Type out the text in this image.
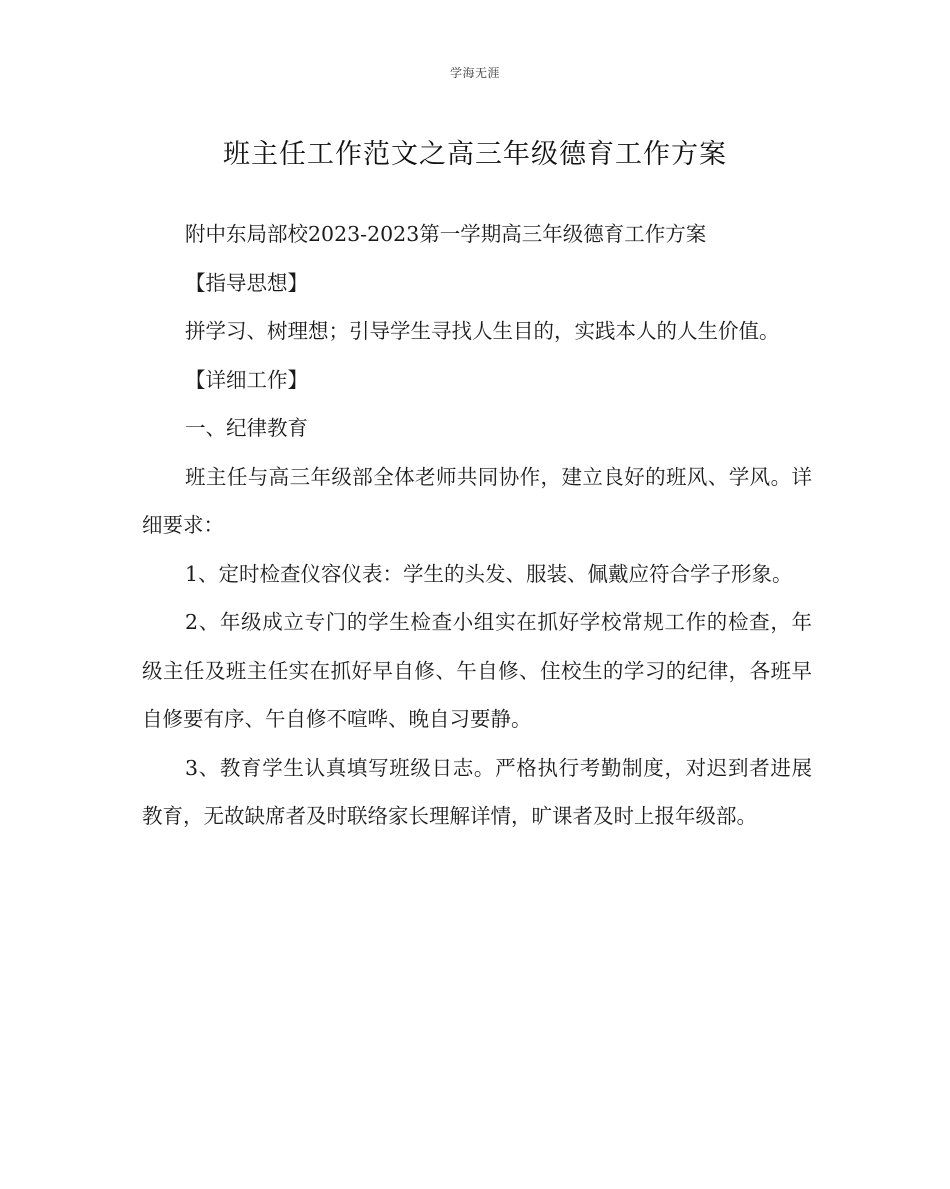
学海无涯
班主任工作范文之高三年级德育工作方案

附中东局部校2023-2023第一学期高三年级德育工作方案

【指导思想】

拼学习、树理想；引导学生寻找人生目的，实践本人的人生价值。

【详细工作】

一、纪律教育

班主任与高三年级部全体老师共同协作，建立良好的班风、学风。详细要求：

1、定时检查仪容仪表：学生的头发、服装、佩戴应符合学子形象。

2、年级成立专门的学生检查小组实在抓好学校常规工作的检查，年级主任及班主任实在抓好早自修、午自修、住校生的学习的纪律，各班早自修要有序、午自修不喧哗、晚自习要静。

3、教育学生认真填写班级日志。严格执行考勤制度，对迟到者进展教育，无故缺席者及时联络家长理解详情，旷课者及时上报年级部。
